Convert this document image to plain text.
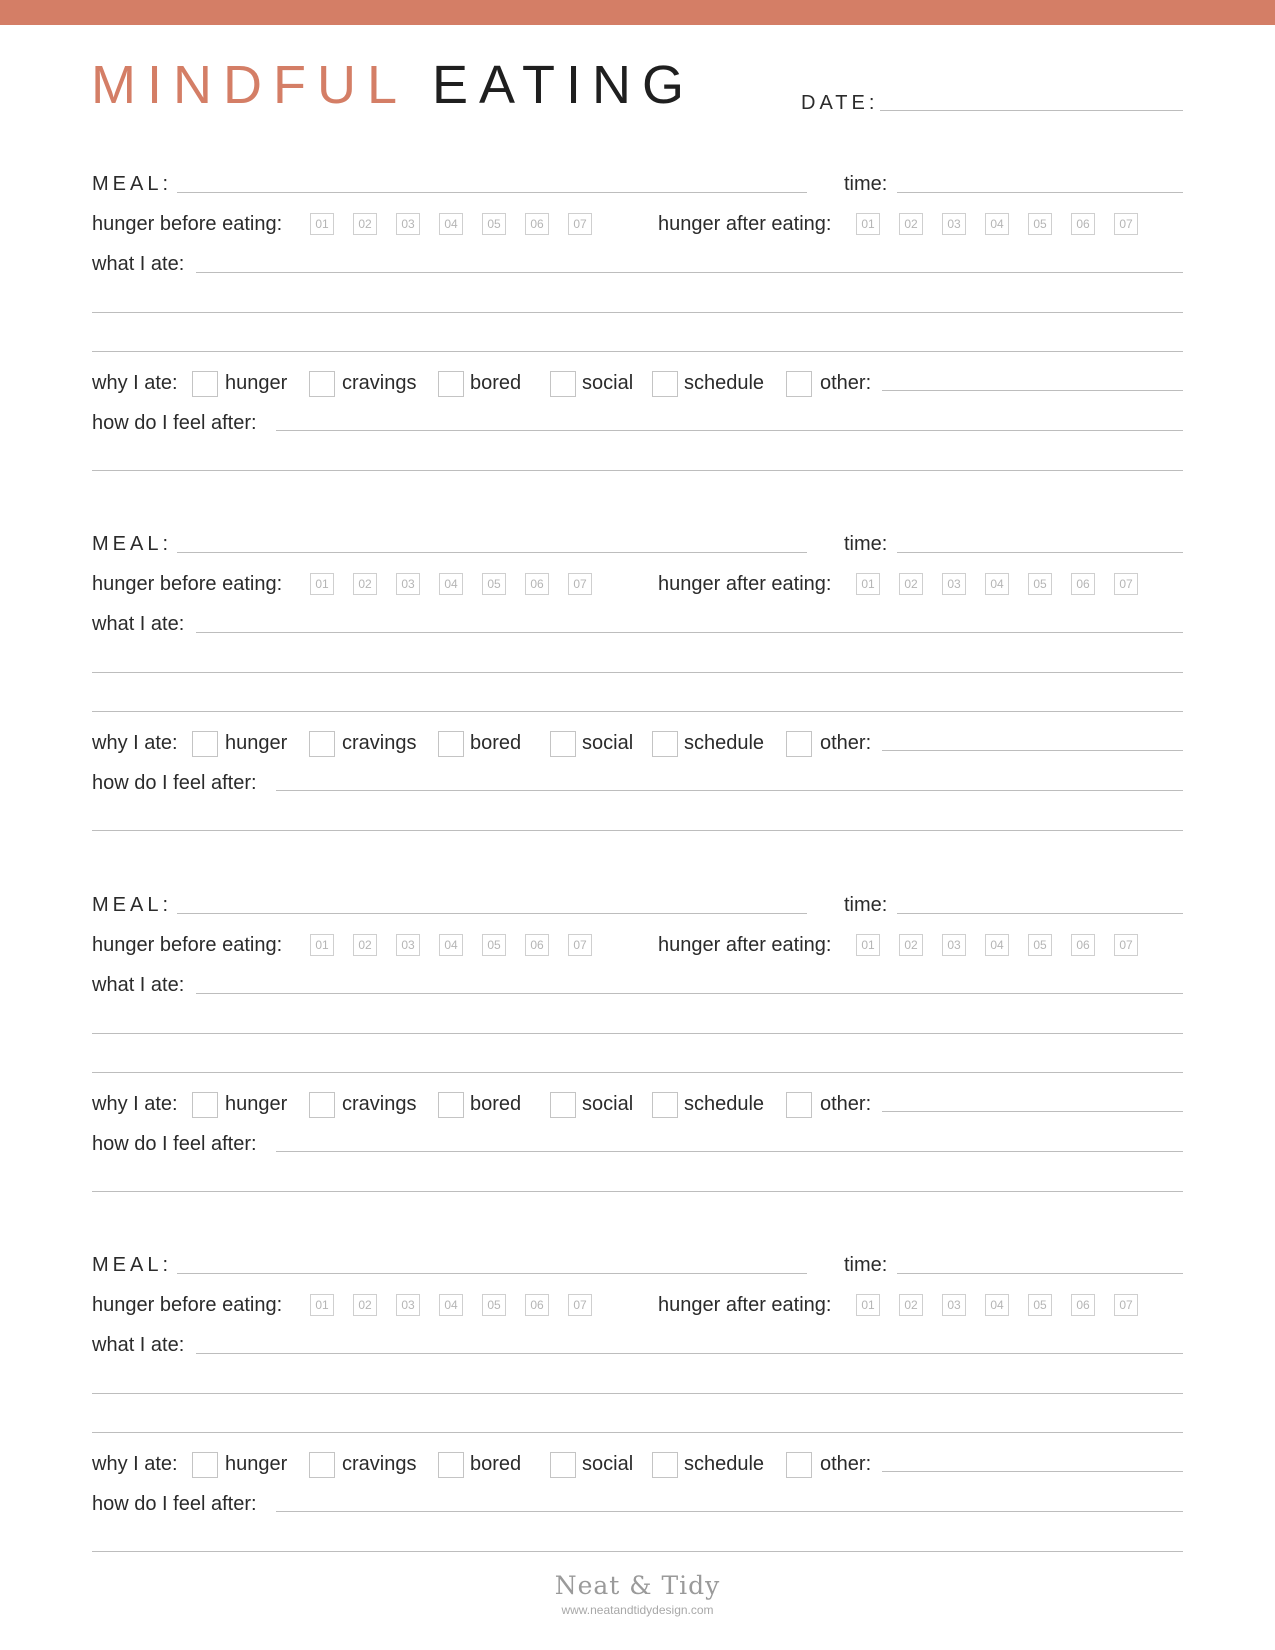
MINDFUL EATING	DATE:
MEAL:	time:
hunger before eating:	01	02	03	04	05	06	07	hunger after eating:	01	02	03	04	05	06	07
what I ate:
why I ate: hunger	cravings	bored	social	schedule	other:
how do I feel after:
MEAL:	time:
hunger before eating:	01	02	03	04	05	06	07	hunger after eating:	01	02	03	04	05	06	07
what I ate:
why I ate: hunger	cravings	bored	social	schedule	other:
how do I feel after:
MEAL:	time:
hunger before eating:	01	02	03	04	05	06	07	hunger after eating:	01	02	03	04	05	06	07
what I ate:
why I ate: hunger	cravings	bored	social	schedule	other:
how do I feel after:
MEAL:	time:
hunger before eating:	01	02	03	04	05	06	07	hunger after eating:	01	02	03	04	05	06	07
what I ate:
why I ate: hunger	cravings	bored	social	schedule	other:
how do I feel after:
Neat & Tidy
www.neatandtidydesign.com
